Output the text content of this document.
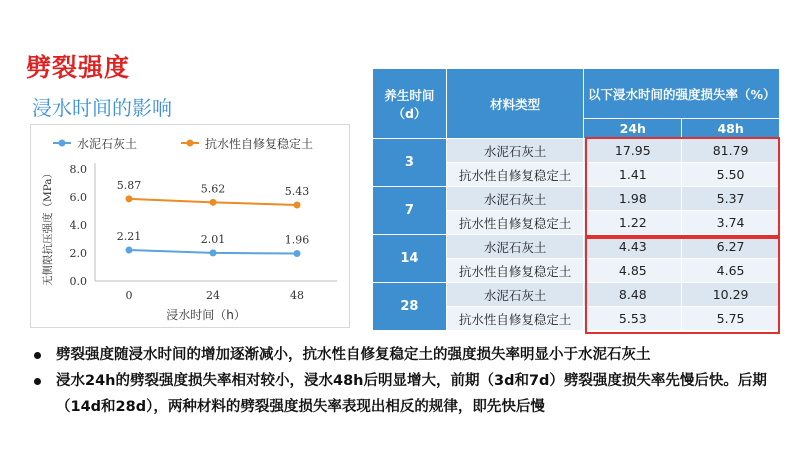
劈裂强度
浸水时间的影响
水泥石灰土	抗水性自修复稳定土
0.0
2.0
4.0
6.0
8.0
0	24	48
浸水时间（h）
无侧限抗压强度（MPa）	2.21	2.01	1.96
5.87	5.62	5.43
养生时间（d）	材料类型	以下浸水时间的强度损失率（%）	
		24h	48h
3	水泥石灰土	17.95	81.79
	抗水性自修复稳定土	1.41	5.50
7	水泥石灰土	1.98	5.37
	抗水性自修复稳定土	1.22	3.74
14	水泥石灰土	4.43	6.27
	抗水性自修复稳定土	4.85	4.65
28	水泥石灰土	8.48	10.29
	抗水性自修复稳定土	5.53	5.75
劈裂强度随浸水时间的增加逐渐减小，抗水性自修复稳定土的强度损失率明显小于水泥石灰土
浸水24h的劈裂强度损失率相对较小，浸水48h后明显增大，前期（3d和7d）劈裂强度损失率先慢后快。后期（14d和28d），两种材料的劈裂强度损失率表现出相反的规律，即先快后慢
